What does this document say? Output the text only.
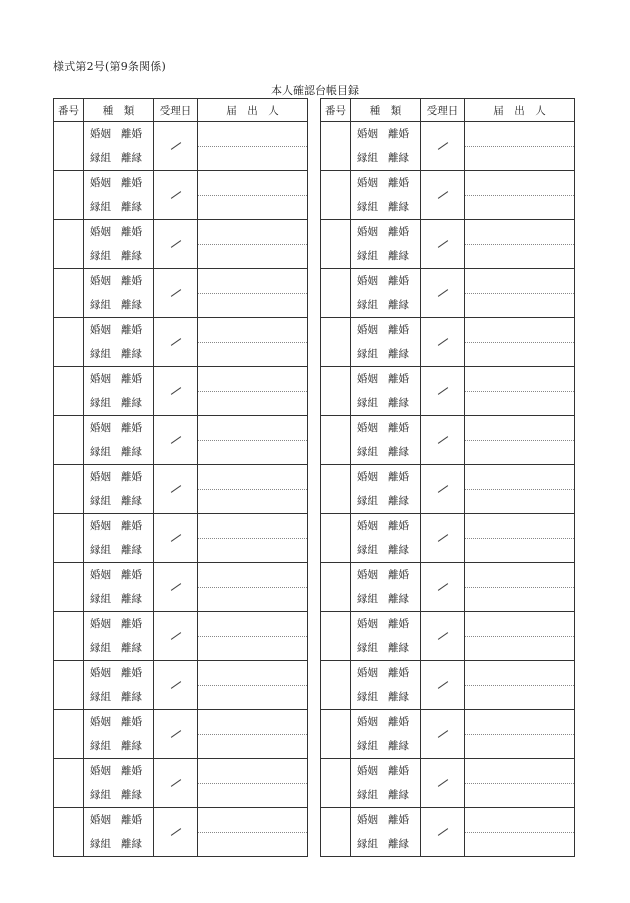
様式第2号(第9条関係)
本人確認台帳目録
番号	種　類	受理日	届　出　人

	婚姻 離婚
縁組 離縁		

	婚姻 離婚
縁組 離縁		

	婚姻 離婚
縁組 離縁		

	婚姻 離婚
縁組 離縁		

	婚姻 離婚
縁組 離縁		

	婚姻 離婚
縁組 離縁		

	婚姻 離婚
縁組 離縁		

	婚姻 離婚
縁組 離縁		

	婚姻 離婚
縁組 離縁		

	婚姻 離婚
縁組 離縁		

	婚姻 離婚
縁組 離縁		

	婚姻 離婚
縁組 離縁		

	婚姻 離婚
縁組 離縁		

	婚姻 離婚
縁組 離縁		

	婚姻 離婚
縁組 離縁		

番号	種　類	受理日	届　出　人

	婚姻 離婚
縁組 離縁		

	婚姻 離婚
縁組 離縁		

	婚姻 離婚
縁組 離縁		

	婚姻 離婚
縁組 離縁		

	婚姻 離婚
縁組 離縁		

	婚姻 離婚
縁組 離縁		

	婚姻 離婚
縁組 離縁		

	婚姻 離婚
縁組 離縁		

	婚姻 離婚
縁組 離縁		

	婚姻 離婚
縁組 離縁		

	婚姻 離婚
縁組 離縁		

	婚姻 離婚
縁組 離縁		

	婚姻 離婚
縁組 離縁		

	婚姻 離婚
縁組 離縁		

	婚姻 離婚
縁組 離縁		
